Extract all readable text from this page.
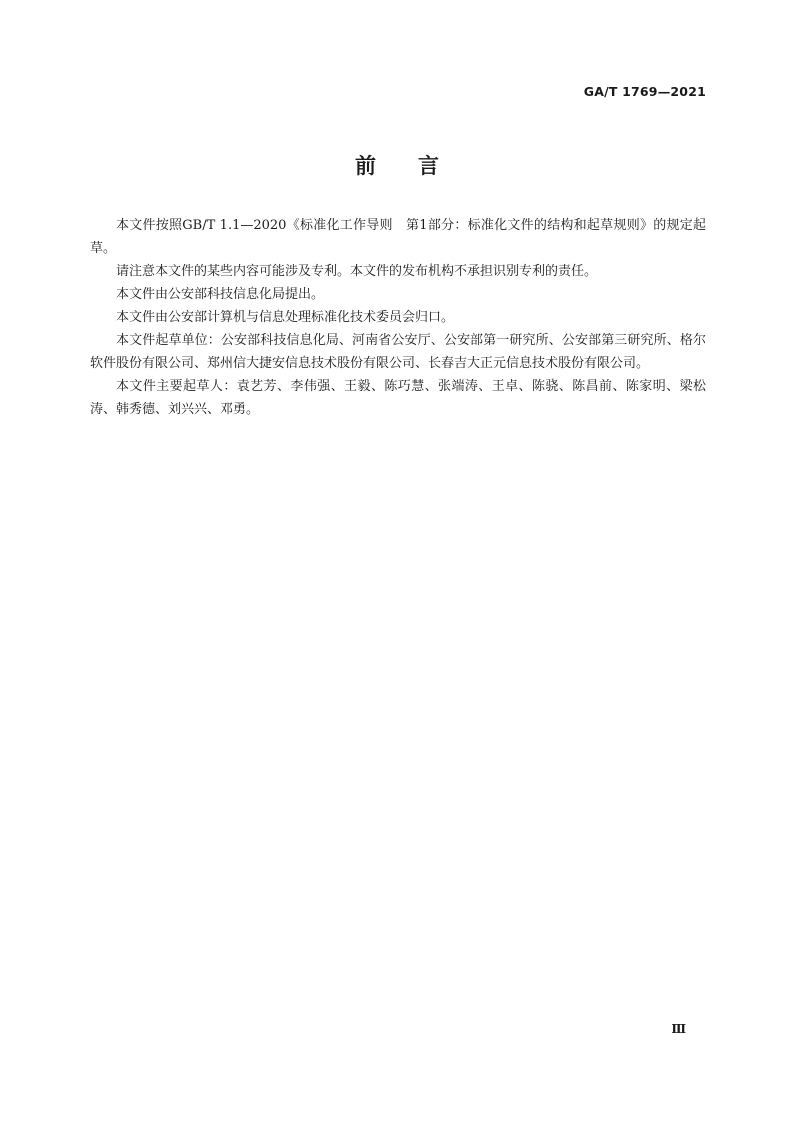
GA/T 1769—2021
前言

本文件按照GB/T 1.1—2020《标准化工作导则　第1部分：标准化文件的结构和起草规则》的规定起草。

请注意本文件的某些内容可能涉及专利。本文件的发布机构不承担识别专利的责任。

本文件由公安部科技信息化局提出。

本文件由公安部计算机与信息处理标准化技术委员会归口。

本文件起草单位：公安部科技信息化局、河南省公安厅、公安部第一研究所、公安部第三研究所、格尔软件股份有限公司、郑州信大捷安信息技术股份有限公司、长春吉大正元信息技术股份有限公司。

本文件主要起草人：袁艺芳、李伟强、王毅、陈巧慧、张端涛、王卓、陈骁、陈昌前、陈家明、梁松涛、韩秀德、刘兴兴、邓勇。

Ⅲ
